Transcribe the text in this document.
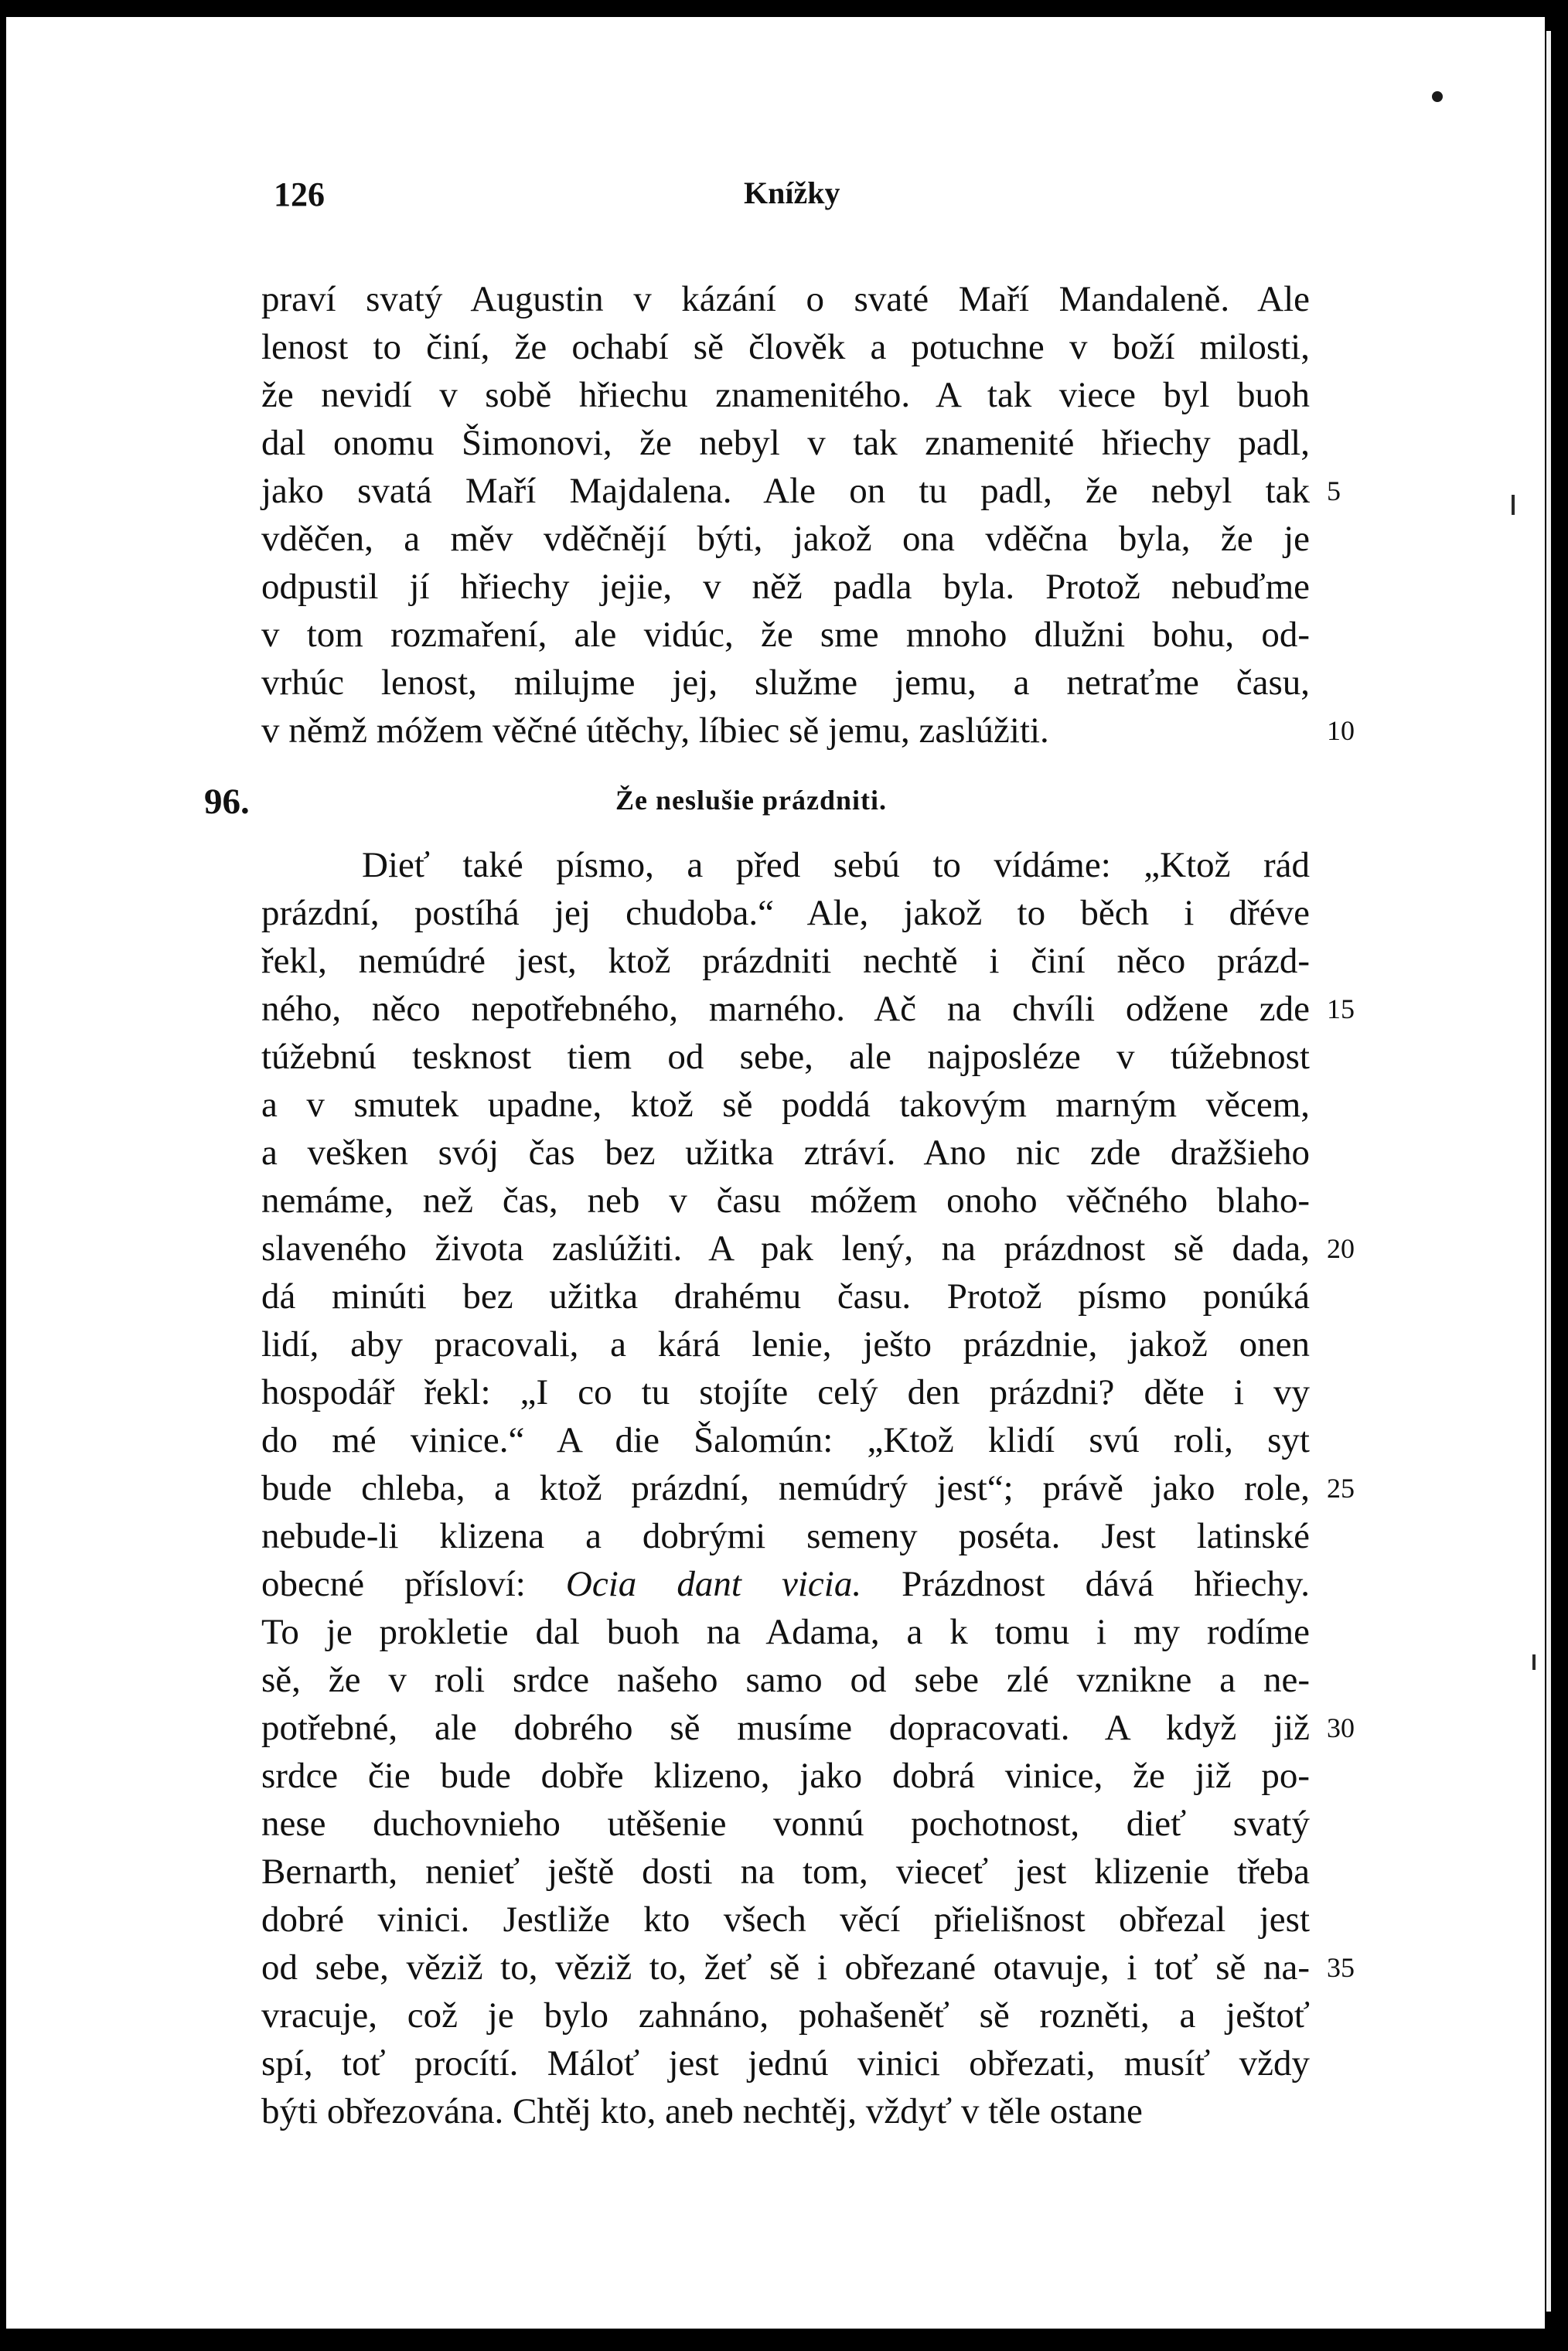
126	Knížky
praví svatý Augustin v kázání o svaté Maří Mandaleně. Ale
lenost to činí, že ochabí sě člověk a potuchne v boží milosti,
že nevidí v sobě hřiechu znamenitého. A tak viece byl buoh
dal onomu Šimonovi, že nebyl v tak znamenité hřiechy padl,
jako svatá Maří Majdalena. Ale on tu padl, že nebyl tak
vděčen, a měv vděčnějí býti, jakož ona vděčna byla, že je
odpustil jí hřiechy jejie, v něž padla byla. Protož nebuďme
v tom rozmaření, ale vidúc, že sme mnoho dlužni bohu, od-
vrhúc lenost, milujme jej, služme jemu, a netraťme času,
v němž móžem věčné útěchy, líbiec sě jemu, zaslúžiti.
5
10
96.	Že neslušie prázdniti.
Dieť také písmo, a před sebú to vídáme: „Ktož rád
prázdní, postíhá jej chudoba.“ Ale, jakož to běch i dřéve
řekl, nemúdré jest, ktož prázdniti nechtě i činí něco prázd-
ného, něco nepotřebného, marného. Ač na chvíli odžene zde
túžebnú tesknost tiem od sebe, ale najposléze v túžebnost
a v smutek upadne, ktož sě poddá takovým marným věcem,
a vešken svój čas bez užitka ztráví. Ano nic zde dražšieho
nemáme, než čas, neb v času móžem onoho věčného blaho-
slaveného života zaslúžiti. A pak lený, na prázdnost sě dada,
dá minúti bez užitka drahému času. Protož písmo ponúká
lidí, aby pracovali, a kárá lenie, ješto prázdnie, jakož onen
hospodář řekl: „I co tu stojíte celý den prázdni? děte i vy
do mé vinice.“ A die Šalomún: „Ktož klidí svú roli, syt
bude chleba, a ktož prázdní, nemúdrý jest“; právě jako role,
nebude-li klizena a dobrými semeny poséta. Jest latinské
obecné přísloví: Ocia dant vicia. Prázdnost dává hřiechy.
To je prokletie dal buoh na Adama, a k tomu i my rodíme
sě, že v roli srdce našeho samo od sebe zlé vznikne a ne-
potřebné, ale dobrého sě musíme dopracovati. A když již
srdce čie bude dobře klizeno, jako dobrá vinice, že již po-
nese duchovnieho utěšenie vonnú pochotnost, dieť svatý
Bernarth, nenieť ještě dosti na tom, vieceť jest klizenie třeba
dobré vinici. Jestliže kto všech věcí přielišnost obřezal jest
od sebe, věziž to, věziž to, žeť sě i obřezané otavuje, i toť sě na-
vracuje, což je bylo zahnáno, pohašeněť sě rozněti, a ještoť
spí, toť procítí. Máloť jest jednú vinici obřezati, musíť vždy
býti obřezována. Chtěj kto, aneb nechtěj, vždyť v těle ostane
15
20
25
30
35
